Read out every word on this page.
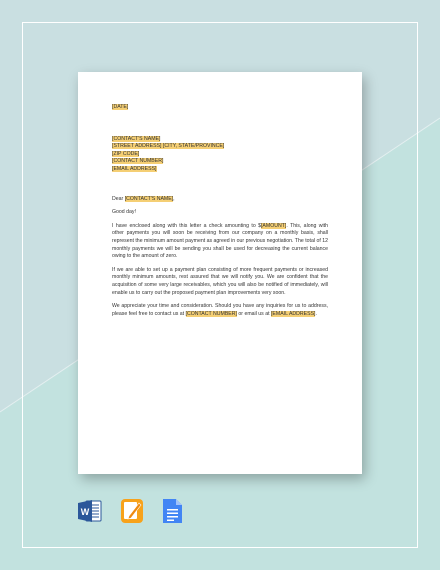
[DATE]
[CONTACT'S NAME]
[STREET ADDRESS] [CITY, STATE/PROVINCE]
[ZIP CODE]
[CONTACT NUMBER]
[EMAIL ADDRESS]
Dear [CONTACT'S NAME],
Good day!
I have enclosed along with this letter a check amounting to $[AMOUNT]. This, along with other payments you will soon be receiving from our company on a monthly basis, shall represent the minimum amount payment as agreed in our previous negotiation. The total of 12 monthly payments we will be sending you shall be used for decreasing the current balance owing to the amount of zero.
If we are able to set up a payment plan consisting of more frequent payments or increased monthly minimum amounts, rest assured that we will notify you. We are confident that the acquisition of some very large receivables, which you will also be notified of immediately, will enable us to carry out the proposed payment plan improvements very soon.
We appreciate your time and consideration. Should you have any inquiries for us to address, please feel free to contact us at [CONTACT NUMBER] or email us at [EMAIL ADDRESS].
W
